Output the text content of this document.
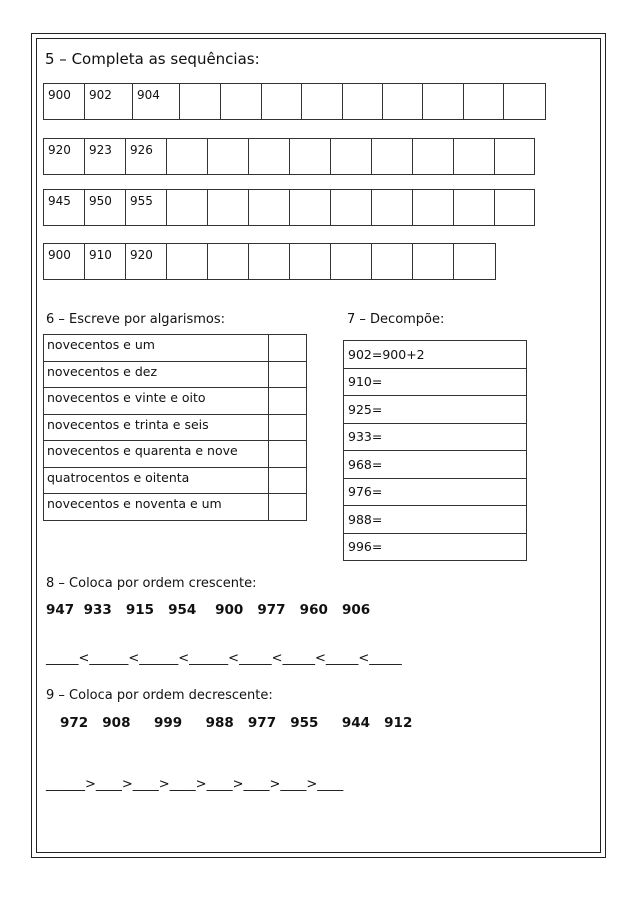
5 – Completa as sequências:
900	902	904
920	923	926
945	950	955
900	910	920
6 – Escreve por algarismos:
novecentos e um	
novecentos e dez	
novecentos e vinte e oito	
novecentos e trinta e seis	
novecentos e quarenta e nove	
quatrocentos e oitenta	
novecentos e noventa e um	
7 – Decompõe:
902=900+2
910=
925=
933=
968=
976=
988=
996=
8 – Coloca por ordem crescente:
947  933   915   954    900   977   960   906
_____<______<______<______<_____<_____<_____<_____
9 – Coloca por ordem decrescente:
972   908     999     988   977   955     944   912
______>____>____>____>____>____>____>____
